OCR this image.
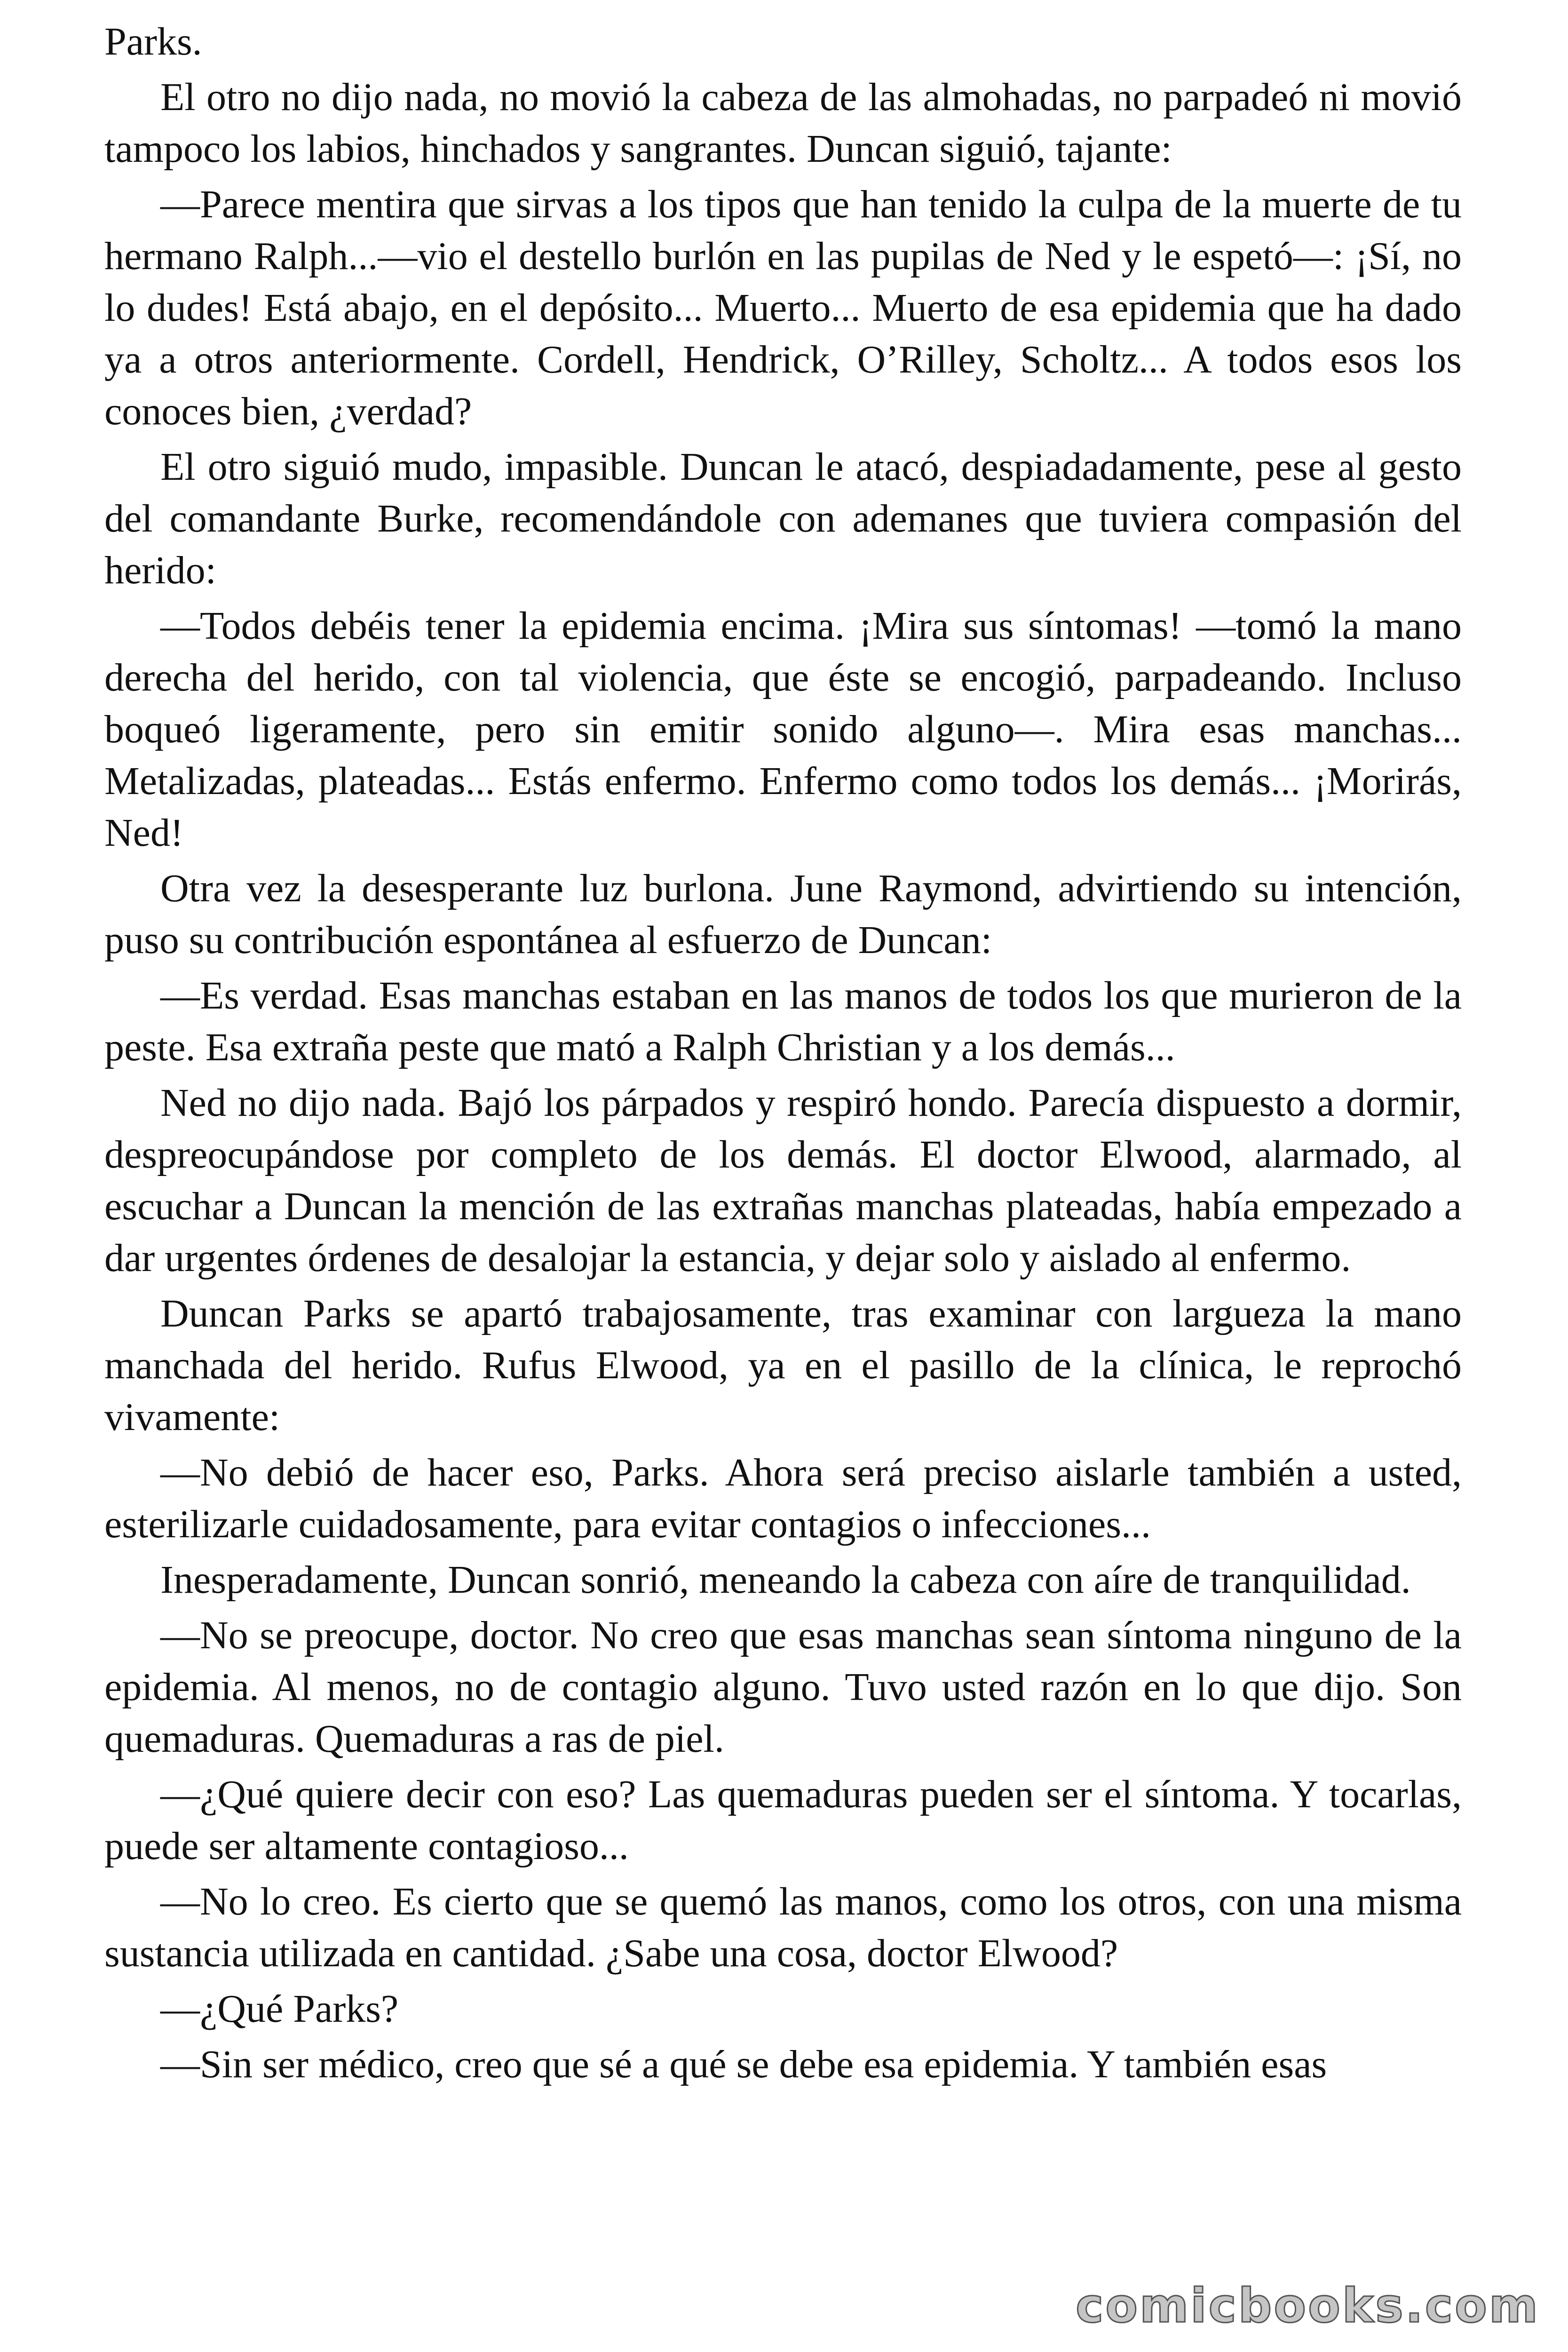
Parks.

El otro no dijo nada, no movió la cabeza de las almohadas, no parpadeó ni movió tampoco los labios, hinchados y sangrantes. Duncan siguió, tajante:

—Parece mentira que sirvas a los tipos que han tenido la culpa de la muerte de tu hermano Ralph...—vio el destello burlón en las pupilas de Ned y le espetó—: ¡Sí, no lo dudes! Está abajo, en el depósito... Muerto... Muerto de esa epidemia que ha dado ya a otros anteriormente. Cordell, Hendrick, O’Rilley, Scholtz... A todos esos los conoces bien, ¿verdad?

El otro siguió mudo, impasible. Duncan le atacó, despiadadamente, pese al gesto del comandante Burke, recomendándole con ademanes que tuviera compasión del herido:

—Todos debéis tener la epidemia encima. ¡Mira sus síntomas! —tomó la mano derecha del herido, con tal violencia, que éste se encogió, parpadeando. Incluso boqueó ligeramente, pero sin emitir sonido alguno—. Mira esas manchas... Metalizadas, plateadas... Estás enfermo. Enfermo como todos los demás... ¡Morirás, Ned!

Otra vez la desesperante luz burlona. June Raymond, advirtiendo su intención, puso su contribución espontánea al esfuerzo de Duncan:

—Es verdad. Esas manchas estaban en las manos de todos los que murieron de la peste. Esa extraña peste que mató a Ralph Christian y a los demás...

Ned no dijo nada. Bajó los párpados y respiró hondo. Parecía dispuesto a dormir, despreocupándose por completo de los demás. El doctor Elwood, alarmado, al escuchar a Duncan la mención de las extrañas manchas plateadas, había empezado a dar urgentes órdenes de desalojar la estancia, y dejar solo y aislado al enfermo.

Duncan Parks se apartó trabajosamente, tras examinar con largueza la mano manchada del herido. Rufus Elwood, ya en el pasillo de la clínica, le reprochó vivamente:

—No debió de hacer eso, Parks. Ahora será preciso aislarle también a usted, esterilizarle cuidadosamente, para evitar contagios o infecciones...

Inesperadamente, Duncan sonrió, meneando la cabeza con aíre de tranquilidad.

—No se preocupe, doctor. No creo que esas manchas sean síntoma ninguno de la epidemia. Al menos, no de contagio alguno. Tuvo usted razón en lo que dijo. Son quemaduras. Quemaduras a ras de piel.

—¿Qué quiere decir con eso? Las quemaduras pueden ser el síntoma. Y tocarlas, puede ser altamente contagioso...

—No lo creo. Es cierto que se quemó las manos, como los otros, con una misma sustancia utilizada en cantidad. ¿Sabe una cosa, doctor Elwood?

—¿Qué Parks?

—Sin ser médico, creo que sé a qué se debe esa epidemia. Y también esas

comicbooks.com
